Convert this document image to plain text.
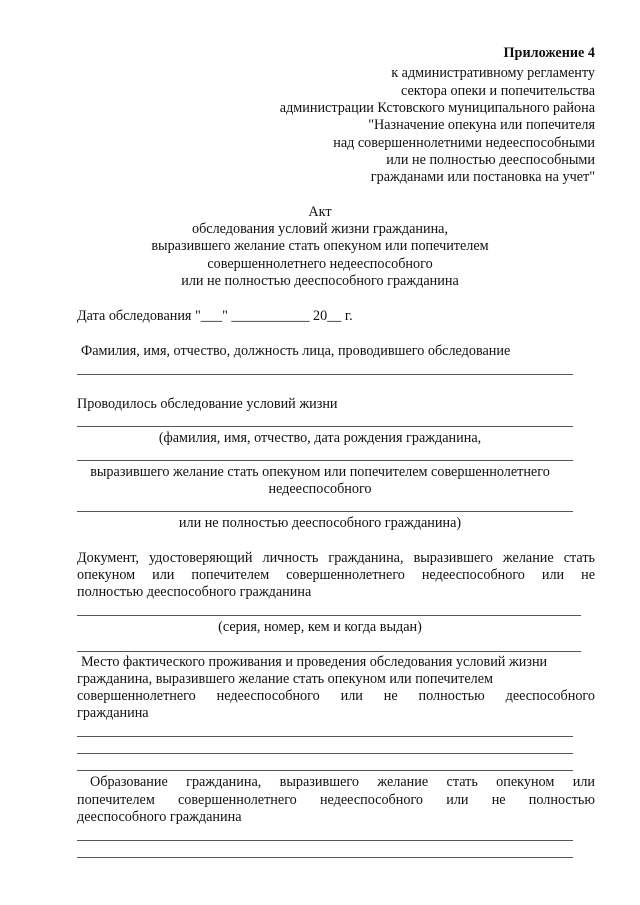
Приложение 4
к административному регламенту
сектора опеки и попечительства
администрации Кстовского муниципального района
"Назначение опекуна или попечителя
над совершеннолетними недееспособными
или не полностью дееспособными
гражданами или постановка на учет"
Акт
обследования условий жизни гражданина,
выразившего желание стать опекуном или попечителем
совершеннолетнего недееспособного
или не полностью дееспособного гражданина
Дата обследования "___" ___________ 20__ г.
Фамилия, имя, отчество, должность лица, проводившего обследование
Проводилось обследование условий жизни
(фамилия, имя, отчество, дата рождения гражданина,
выразившего желание стать опекуном или попечителем совершеннолетнего
недееспособного
или не полностью дееспособного гражданина)
Документ, удостоверяющий личность гражданина, выразившего желание стать
опекуном или попечителем совершеннолетнего недееспособного или не
полностью дееспособного гражданина
(серия, номер, кем и когда выдан)
Место фактического проживания и проведения обследования условий жизни
гражданина, выразившего желание стать опекуном или попечителем
совершеннолетнего недееспособного или не полностью дееспособного
гражданина
Образование гражданина, выразившего желание стать опекуном или
попечителем совершеннолетнего недееспособного или не полностью
дееспособного гражданина
